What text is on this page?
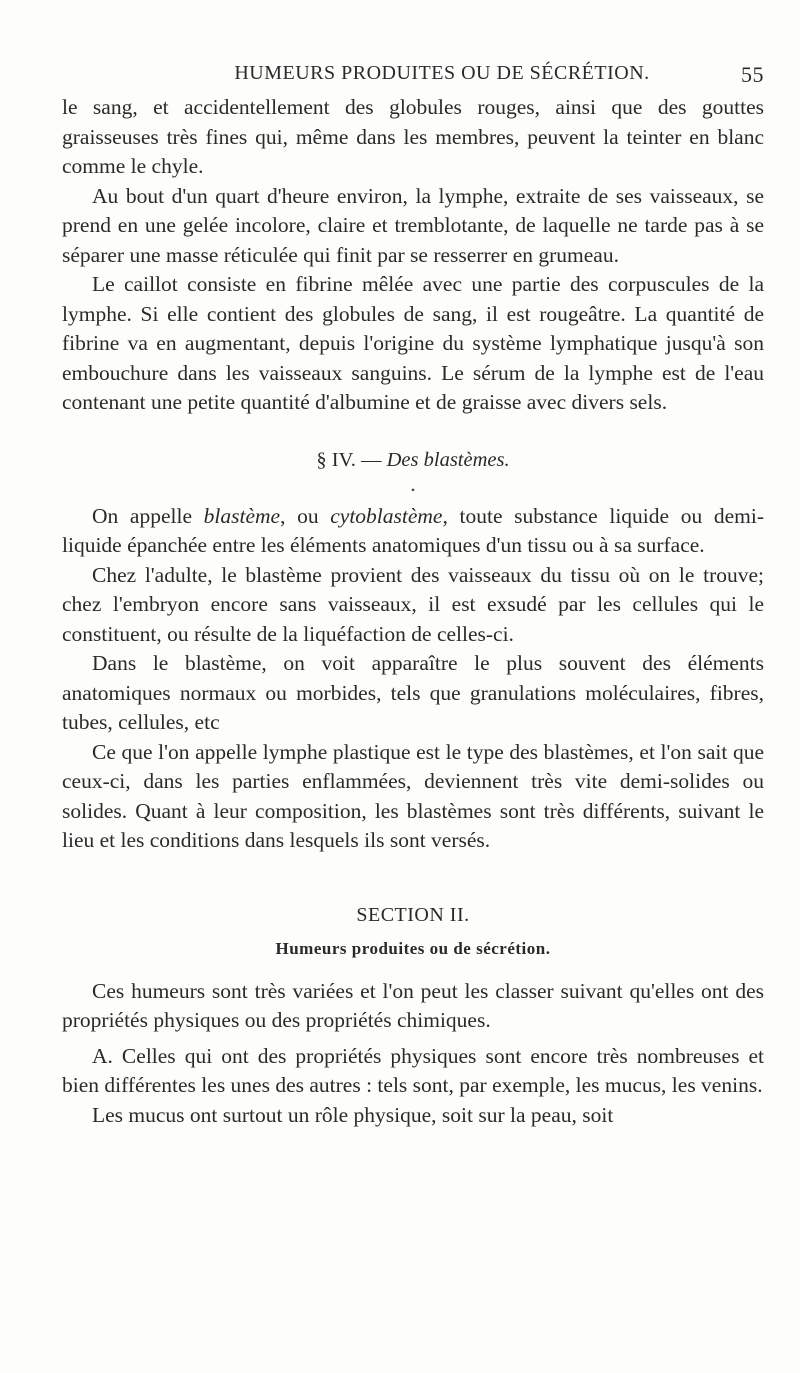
HUMEURS PRODUITES OU DE SÉCRÉTION.	55

le sang, et accidentellement des globules rouges, ainsi que des gouttes graisseuses très fines qui, même dans les membres, peuvent la teinter en blanc comme le chyle.

Au bout d'un quart d'heure environ, la lymphe, extraite de ses vaisseaux, se prend en une gelée incolore, claire et tremblotante, de laquelle ne tarde pas à se séparer une masse réticulée qui finit par se resserrer en grumeau.

Le caillot consiste en fibrine mêlée avec une partie des corpuscules de la lymphe. Si elle contient des globules de sang, il est rougeâtre. La quantité de fibrine va en augmentant, depuis l'origine du système lymphatique jusqu'à son embouchure dans les vaisseaux sanguins. Le sérum de la lymphe est de l'eau contenant une petite quantité d'albumine et de graisse avec divers sels.

§ IV. — Des blastèmes.
•

On appelle blastème, ou cytoblastème, toute substance liquide ou demi-liquide épanchée entre les éléments anatomiques d'un tissu ou à sa surface.

Chez l'adulte, le blastème provient des vaisseaux du tissu où on le trouve; chez l'embryon encore sans vaisseaux, il est exsudé par les cellules qui le constituent, ou résulte de la liquéfaction de celles-ci.

Dans le blastème, on voit apparaître le plus souvent des éléments anatomiques normaux ou morbides, tels que granulations moléculaires, fibres, tubes, cellules, etc

Ce que l'on appelle lymphe plastique est le type des blastèmes, et l'on sait que ceux-ci, dans les parties enflammées, deviennent très vite demi-solides ou solides. Quant à leur composition, les blastèmes sont très différents, suivant le lieu et les conditions dans lesquels ils sont versés.

SECTION II.
Humeurs produites ou de sécrétion.

Ces humeurs sont très variées et l'on peut les classer suivant qu'elles ont des propriétés physiques ou des propriétés chimiques.

A. Celles qui ont des propriétés physiques sont encore très nombreuses et bien différentes les unes des autres : tels sont, par exemple, les mucus, les venins.

Les mucus ont surtout un rôle physique, soit sur la peau, soit
